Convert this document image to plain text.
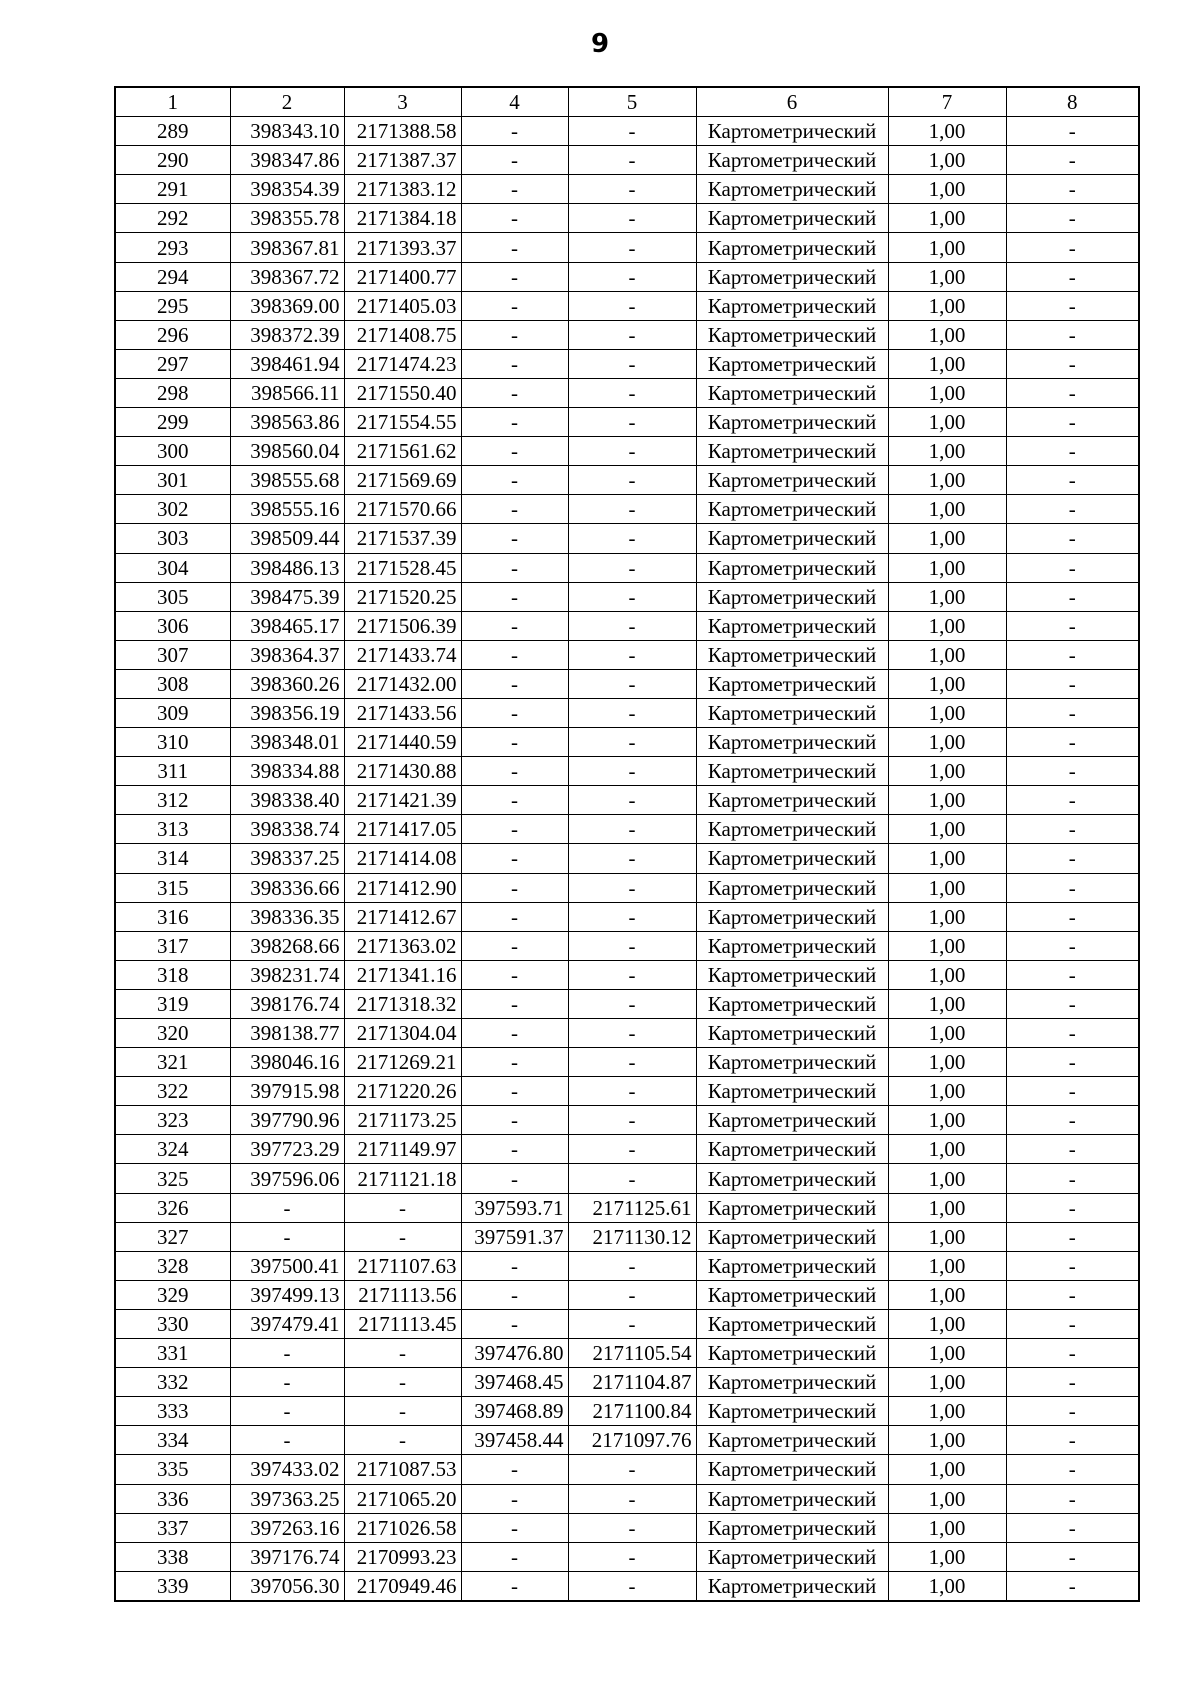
9
1	2	3	4	5	6	7	8
289	398343.10	2171388.58	-	-	Картометрический	1,00	-
290	398347.86	2171387.37	-	-	Картометрический	1,00	-
291	398354.39	2171383.12	-	-	Картометрический	1,00	-
292	398355.78	2171384.18	-	-	Картометрический	1,00	-
293	398367.81	2171393.37	-	-	Картометрический	1,00	-
294	398367.72	2171400.77	-	-	Картометрический	1,00	-
295	398369.00	2171405.03	-	-	Картометрический	1,00	-
296	398372.39	2171408.75	-	-	Картометрический	1,00	-
297	398461.94	2171474.23	-	-	Картометрический	1,00	-
298	398566.11	2171550.40	-	-	Картометрический	1,00	-
299	398563.86	2171554.55	-	-	Картометрический	1,00	-
300	398560.04	2171561.62	-	-	Картометрический	1,00	-
301	398555.68	2171569.69	-	-	Картометрический	1,00	-
302	398555.16	2171570.66	-	-	Картометрический	1,00	-
303	398509.44	2171537.39	-	-	Картометрический	1,00	-
304	398486.13	2171528.45	-	-	Картометрический	1,00	-
305	398475.39	2171520.25	-	-	Картометрический	1,00	-
306	398465.17	2171506.39	-	-	Картометрический	1,00	-
307	398364.37	2171433.74	-	-	Картометрический	1,00	-
308	398360.26	2171432.00	-	-	Картометрический	1,00	-
309	398356.19	2171433.56	-	-	Картометрический	1,00	-
310	398348.01	2171440.59	-	-	Картометрический	1,00	-
311	398334.88	2171430.88	-	-	Картометрический	1,00	-
312	398338.40	2171421.39	-	-	Картометрический	1,00	-
313	398338.74	2171417.05	-	-	Картометрический	1,00	-
314	398337.25	2171414.08	-	-	Картометрический	1,00	-
315	398336.66	2171412.90	-	-	Картометрический	1,00	-
316	398336.35	2171412.67	-	-	Картометрический	1,00	-
317	398268.66	2171363.02	-	-	Картометрический	1,00	-
318	398231.74	2171341.16	-	-	Картометрический	1,00	-
319	398176.74	2171318.32	-	-	Картометрический	1,00	-
320	398138.77	2171304.04	-	-	Картометрический	1,00	-
321	398046.16	2171269.21	-	-	Картометрический	1,00	-
322	397915.98	2171220.26	-	-	Картометрический	1,00	-
323	397790.96	2171173.25	-	-	Картометрический	1,00	-
324	397723.29	2171149.97	-	-	Картометрический	1,00	-
325	397596.06	2171121.18	-	-	Картометрический	1,00	-
326	-	-	397593.71	2171125.61	Картометрический	1,00	-
327	-	-	397591.37	2171130.12	Картометрический	1,00	-
328	397500.41	2171107.63	-	-	Картометрический	1,00	-
329	397499.13	2171113.56	-	-	Картометрический	1,00	-
330	397479.41	2171113.45	-	-	Картометрический	1,00	-
331	-	-	397476.80	2171105.54	Картометрический	1,00	-
332	-	-	397468.45	2171104.87	Картометрический	1,00	-
333	-	-	397468.89	2171100.84	Картометрический	1,00	-
334	-	-	397458.44	2171097.76	Картометрический	1,00	-
335	397433.02	2171087.53	-	-	Картометрический	1,00	-
336	397363.25	2171065.20	-	-	Картометрический	1,00	-
337	397263.16	2171026.58	-	-	Картометрический	1,00	-
338	397176.74	2170993.23	-	-	Картометрический	1,00	-
339	397056.30	2170949.46	-	-	Картометрический	1,00	-
